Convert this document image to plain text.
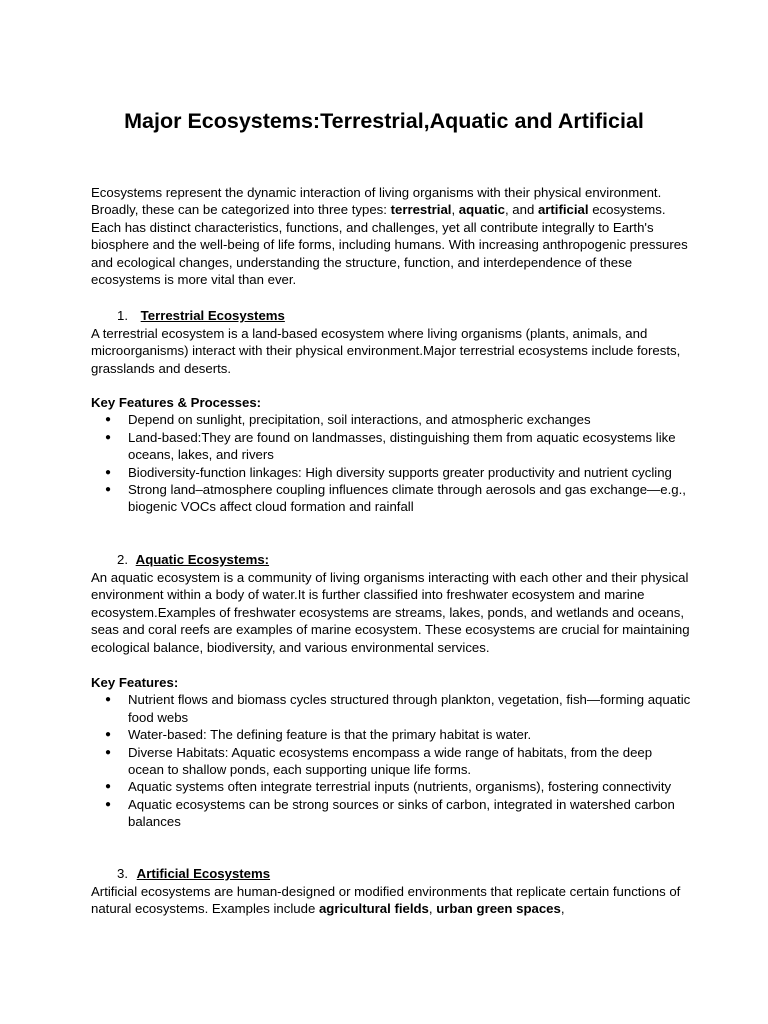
Major Ecosystems:Terrestrial,Aquatic and Artificial

Ecosystems represent the dynamic interaction of living organisms with their physical environment. Broadly, these can be categorized into three types: terrestrial, aquatic, and artificial ecosystems. Each has distinct characteristics, functions, and challenges, yet all contribute integrally to Earth's biosphere and the well-being of life forms, including humans. With increasing anthropogenic pressures and ecological changes, understanding the structure, function, and interdependence of these ecosystems is more vital than ever.

1. Terrestrial Ecosystems

A terrestrial ecosystem is a land-based ecosystem where living organisms (plants, animals, and microorganisms) interact with their physical environment.Major terrestrial ecosystems include forests, grasslands and deserts.

Key Features & Processes:

● Depend on sunlight, precipitation, soil interactions, and atmospheric exchanges
● Land-based:They are found on landmasses, distinguishing them from aquatic ecosystems like oceans, lakes, and rivers
● Biodiversity-function linkages: High diversity supports greater productivity and nutrient cycling
● Strong land–atmosphere coupling influences climate through aerosols and gas exchange—e.g., biogenic VOCs affect cloud formation and rainfall
2. Aquatic Ecosystems:

An aquatic ecosystem is a community of living organisms interacting with each other and their physical environment within a body of water.It is further classified into freshwater ecosystem and marine ecosystem.Examples of freshwater ecosystems are streams, lakes, ponds, and wetlands and oceans, seas and coral reefs are examples of marine ecosystem. These ecosystems are crucial for maintaining ecological balance, biodiversity, and various environmental services.

Key Features:

● Nutrient flows and biomass cycles structured through plankton, vegetation, fish—forming aquatic food webs
● Water-based: The defining feature is that the primary habitat is water.
● Diverse Habitats: Aquatic ecosystems encompass a wide range of habitats, from the deep ocean to shallow ponds, each supporting unique life forms.
● Aquatic systems often integrate terrestrial inputs (nutrients, organisms), fostering connectivity
● Aquatic ecosystems can be strong sources or sinks of carbon, integrated in watershed carbon balances
3. Artificial Ecosystems

Artificial ecosystems are human-designed or modified environments that replicate certain functions of natural ecosystems. Examples include agricultural fields, urban green spaces,
